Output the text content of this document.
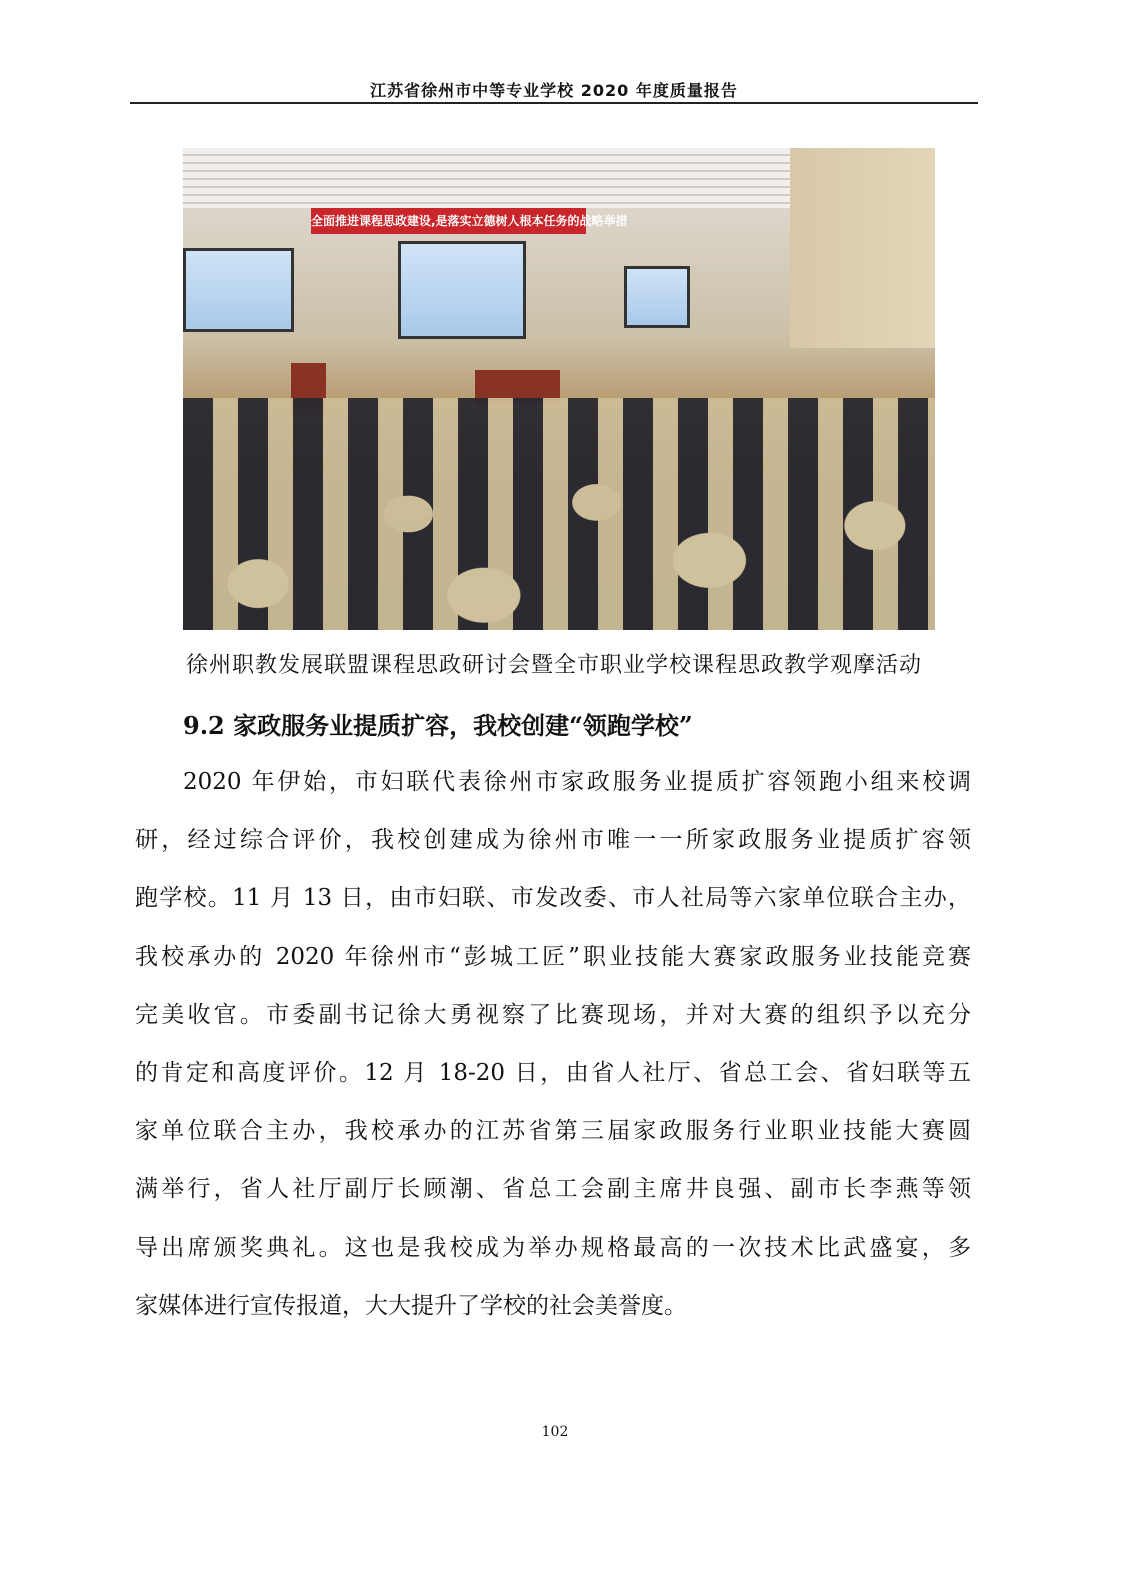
江苏省徐州市中等专业学校 2020 年度质量报告
全面推进课程思政建设,是落实立德树人根本任务的战略举措
徐州职教发展联盟课程思政研讨会暨全市职业学校课程思政教学观摩活动
9.2 家政服务业提质扩容，我校创建“领跑学校”
2020 年伊始，市妇联代表徐州市家政服务业提质扩容领跑小组来校调
研，经过综合评价，我校创建成为徐州市唯一一所家政服务业提质扩容领
跑学校。11 月 13 日，由市妇联、市发改委、市人社局等六家单位联合主办，
我校承办的 2020 年徐州市“彭城工匠”职业技能大赛家政服务业技能竞赛
完美收官。市委副书记徐大勇视察了比赛现场，并对大赛的组织予以充分
的肯定和高度评价。12 月 18-20 日，由省人社厅、省总工会、省妇联等五
家单位联合主办，我校承办的江苏省第三届家政服务行业职业技能大赛圆
满举行，省人社厅副厅长顾潮、省总工会副主席井良强、副市长李燕等领
导出席颁奖典礼。这也是我校成为举办规格最高的一次技术比武盛宴，多
家媒体进行宣传报道，大大提升了学校的社会美誉度。
102
